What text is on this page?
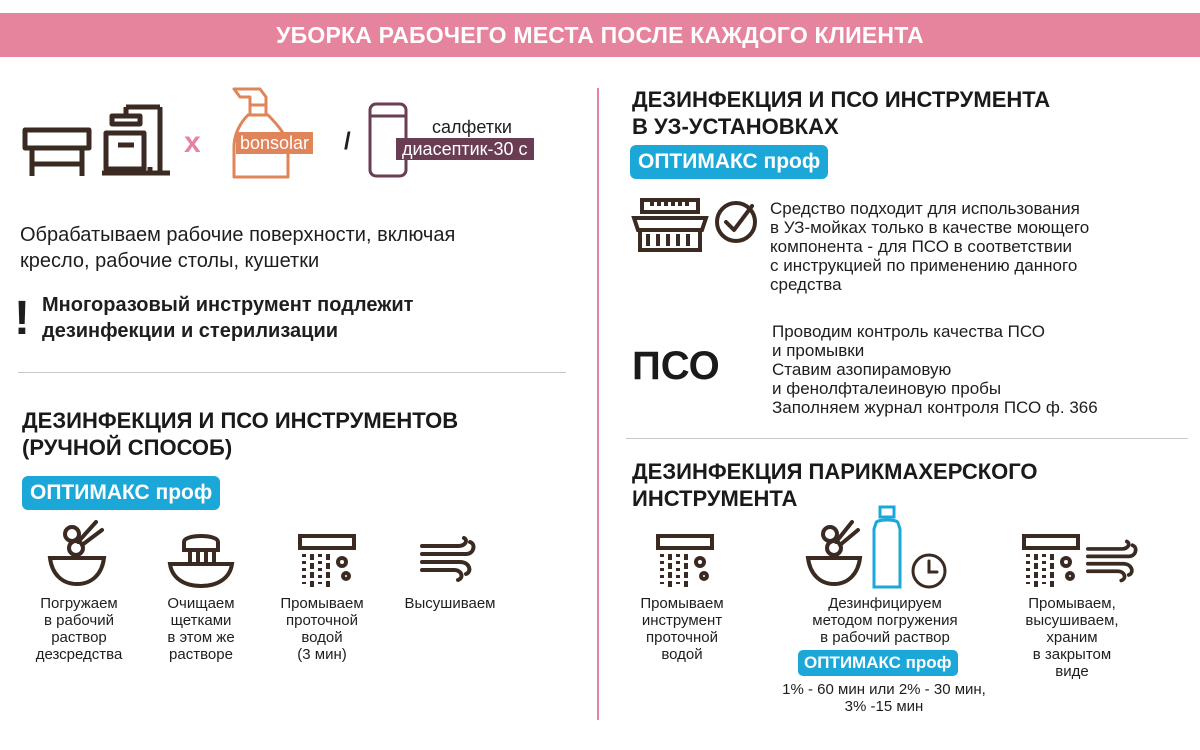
УБОРКА РАБОЧЕГО МЕСТА ПОСЛЕ КАЖДОГО КЛИЕНТА
x bonsolar /
салфетки
диасептик-30 с
Обрабатываем рабочие поверхности, включая
кресло, рабочие столы, кушетки
! Многоразовый инструмент подлежит
дезинфекции и стерилизации
ДЕЗИНФЕКЦИЯ И ПСО ИНСТРУМЕНТОВ
(РУЧНОЙ СПОСОБ)
ОПТИМАКС проф
Погружаем
в рабочий
раствор
дезсредства
Очищаем
щетками
в этом же
растворе
Промываем
проточной
водой
(3 мин)
Высушиваем
ДЕЗИНФЕКЦИЯ И ПСО ИНСТРУМЕНТА
В УЗ-УСТАНОВКАХ
ОПТИМАКС проф
Средство подходит для использования
в УЗ-мойках только в качестве моющего
компонента - для ПСО в соответствии
с инструкцией по применению данного
средства
ПСО
Проводим контроль качества ПСО
и промывки
Ставим азопирамовую
и фенолфталеиновую пробы
Заполняем журнал контроля ПСО ф. 366
ДЕЗИНФЕКЦИЯ ПАРИКМАХЕРСКОГО
ИНСТРУМЕНТА
Промываем
инструмент
проточной
водой
Дезинфицируем
методом погружения
в рабочий раствор
ОПТИМАКС проф
1% - 60 мин или 2% - 30 мин,
3% -15 мин
Промываем,
высушиваем,
храним
в закрытом
виде
